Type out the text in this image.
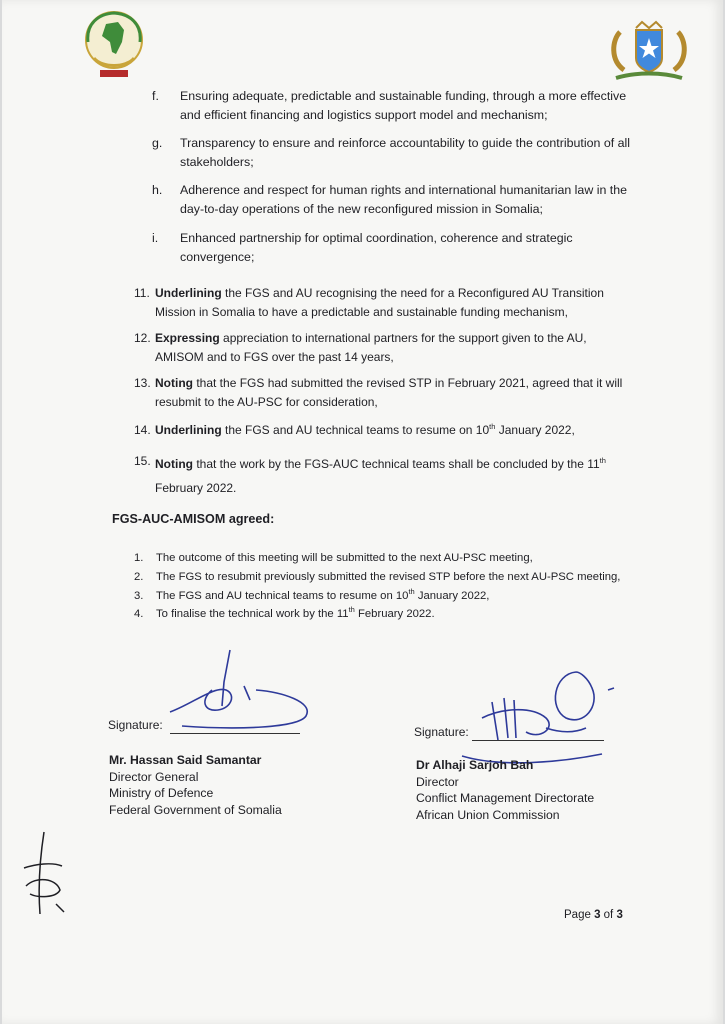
f. Ensuring adequate, predictable and sustainable funding, through a more effective and efficient financing and logistics support model and mechanism;
g. Transparency to ensure and reinforce accountability to guide the contribution of all stakeholders;
h. Adherence and respect for human rights and international humanitarian law in the day-to-day operations of the new reconfigured mission in Somalia;
i. Enhanced partnership for optimal coordination, coherence and strategic convergence;
11. Underlining the FGS and AU recognising the need for a Reconfigured AU Transition Mission in Somalia to have a predictable and sustainable funding mechanism,
12. Expressing appreciation to international partners for the support given to the AU, AMISOM and to FGS over the past 14 years,
13. Noting that the FGS had submitted the revised STP in February 2021, agreed that it will resubmit to the AU-PSC for consideration,
14. Underlining the FGS and AU technical teams to resume on 10th January 2022,
15. Noting that the work by the FGS-AUC technical teams shall be concluded by the 11th February 2022.
FGS-AUC-AMISOM agreed:
1. The outcome of this meeting will be submitted to the next AU-PSC meeting,
2. The FGS to resubmit previously submitted the revised STP before the next AU-PSC meeting,
3. The FGS and AU technical teams to resume on 10th January 2022,
4. To finalise the technical work by the 11th February 2022.
Signature:
Mr. Hassan Said Samantar
Director General
Ministry of Defence
Federal Government of Somalia
Signature:
Dr Alhaji Sarjoh Bah
Director
Conflict Management Directorate
African Union Commission
Page 3 of 3
